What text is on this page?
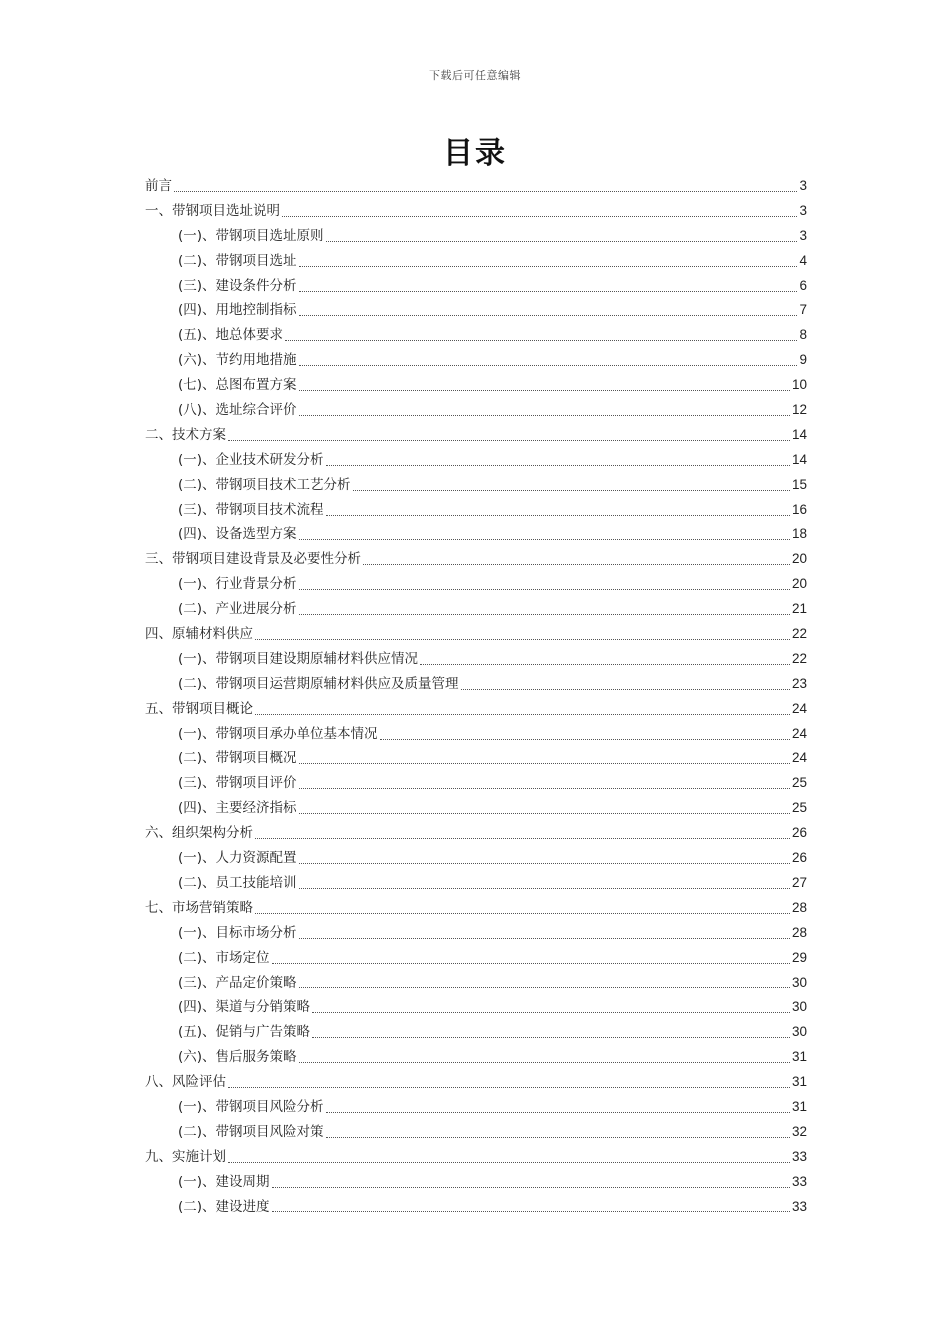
下载后可任意编辑
目录
前言	3
一、带钢项目选址说明	3
(一)、带钢项目选址原则	3
(二)、带钢项目选址	4
(三)、建设条件分析	6
(四)、用地控制指标	7
(五)、地总体要求	8
(六)、节约用地措施	9
(七)、总图布置方案	10
(八)、选址综合评价	12
二、技术方案	14
(一)、企业技术研发分析	14
(二)、带钢项目技术工艺分析	15
(三)、带钢项目技术流程	16
(四)、设备选型方案	18
三、带钢项目建设背景及必要性分析	20
(一)、行业背景分析	20
(二)、产业进展分析	21
四、原辅材料供应	22
(一)、带钢项目建设期原辅材料供应情况	22
(二)、带钢项目运营期原辅材料供应及质量管理	23
五、带钢项目概论	24
(一)、带钢项目承办单位基本情况	24
(二)、带钢项目概况	24
(三)、带钢项目评价	25
(四)、主要经济指标	25
六、组织架构分析	26
(一)、人力资源配置	26
(二)、员工技能培训	27
七、市场营销策略	28
(一)、目标市场分析	28
(二)、市场定位	29
(三)、产品定价策略	30
(四)、渠道与分销策略	30
(五)、促销与广告策略	30
(六)、售后服务策略	31
八、风险评估	31
(一)、带钢项目风险分析	31
(二)、带钢项目风险对策	32
九、实施计划	33
(一)、建设周期	33
(二)、建设进度	33
